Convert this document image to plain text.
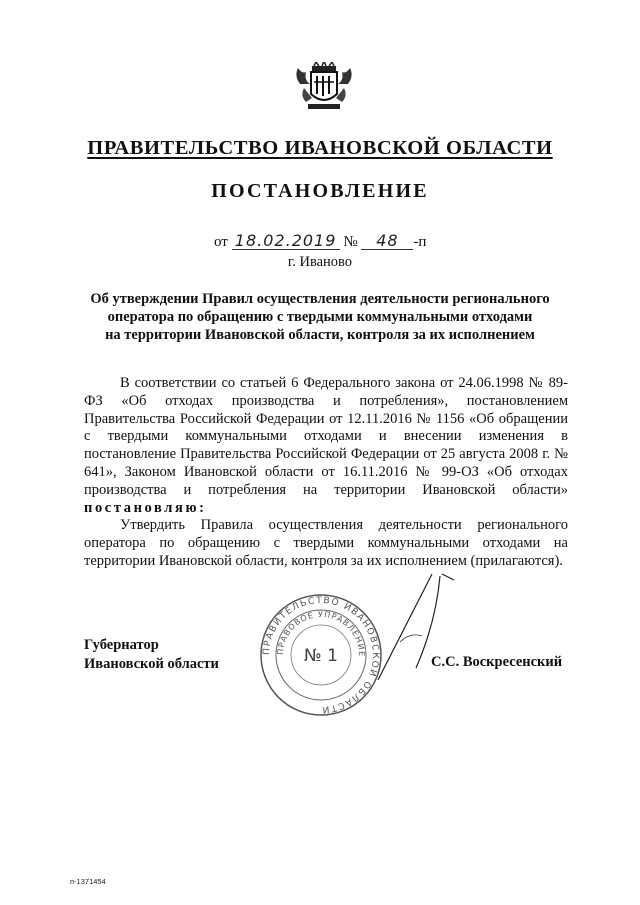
ПРАВИТЕЛЬСТВО ИВАНОВСКОЙ ОБЛАСТИ
ПОСТАНОВЛЕНИЕ
от 18.02.2019 № 48 -п
г. Иваново
Об утверждении Правил осуществления деятельности регионального
оператора по обращению с твердыми коммунальными отходами
на территории Ивановской области, контроля за их исполнением

В соответствии со статьей 6 Федерального закона от 24.06.1998 № 89-ФЗ «Об отходах производства и потребления», постановлением Правительства Российской Федерации от 12.11.2016 № 1156 «Об обращении с твердыми коммунальными отходами и внесении изменения в постановление Правительства Российской Федерации от 25 августа 2008 г. № 641», Законом Ивановской области от 16.11.2016 № 99-ОЗ «Об отходах производства и потребления на территории Ивановской области» постановляю:

Утвердить Правила осуществления деятельности регионального оператора по обращению с твердыми коммунальными отходами на территории Ивановской области, контроля за их исполнением (прилагаются).

Губернатор
Ивановской области
ПРАВИТЕЛЬСТВО ИВАНОВСКОЙ ОБЛАСТИ
ПРАВОВОЕ УПРАВЛЕНИЕ
№ 1	С.С. Воскресенский
п-1371454
